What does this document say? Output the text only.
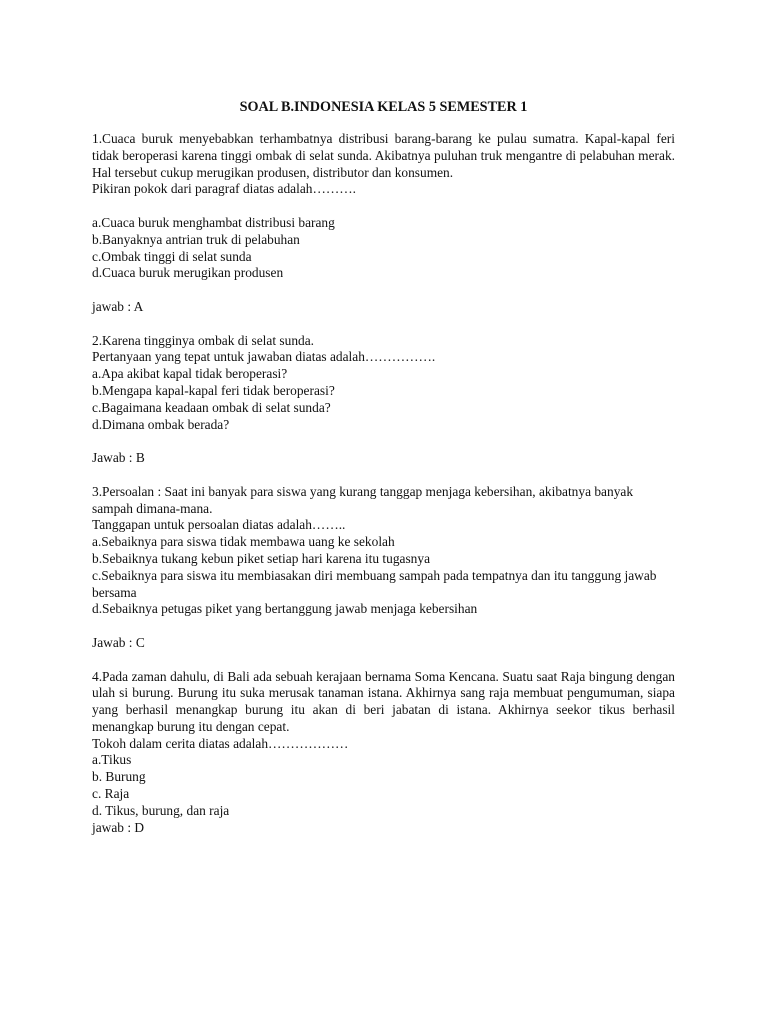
SOAL B.INDONESIA KELAS 5 SEMESTER 1
1.Cuaca buruk menyebabkan terhambatnya distribusi barang-barang ke pulau sumatra. Kapal-kapal feri tidak beroperasi karena tinggi ombak di selat sunda. Akibatnya puluhan truk mengantre di pelabuhan merak. Hal tersebut cukup merugikan produsen, distributor dan konsumen.
Pikiran pokok dari paragraf diatas adalah……….
a.Cuaca buruk menghambat distribusi barang
b.Banyaknya antrian truk di pelabuhan
c.Ombak tinggi di selat sunda
d.Cuaca buruk merugikan produsen
jawab : A
2.Karena tingginya ombak di selat sunda.
Pertanyaan yang tepat untuk jawaban diatas adalah…………….
a.Apa akibat kapal tidak beroperasi?
b.Mengapa kapal-kapal feri tidak beroperasi?
c.Bagaimana keadaan ombak di selat sunda?
d.Dimana ombak berada?
Jawab : B
3.Persoalan : Saat ini banyak para siswa yang kurang tanggap menjaga kebersihan, akibatnya banyak sampah dimana-mana.
Tanggapan untuk persoalan diatas adalah……..
a.Sebaiknya para siswa tidak membawa uang ke sekolah
b.Sebaiknya tukang kebun piket setiap hari karena itu tugasnya
c.Sebaiknya para siswa itu membiasakan diri membuang sampah pada tempatnya dan itu tanggung jawab bersama
d.Sebaiknya petugas piket yang bertanggung jawab menjaga kebersihan
Jawab : C
4.Pada zaman dahulu, di Bali ada sebuah kerajaan bernama Soma Kencana. Suatu saat Raja bingung dengan ulah si burung. Burung itu suka merusak tanaman istana. Akhirnya sang raja membuat pengumuman, siapa yang berhasil menangkap burung itu akan di beri jabatan di istana. Akhirnya seekor tikus berhasil menangkap burung itu dengan cepat.
Tokoh dalam cerita diatas adalah………………
a.Tikus
b. Burung
c. Raja
d. Tikus, burung, dan raja
jawab : D
